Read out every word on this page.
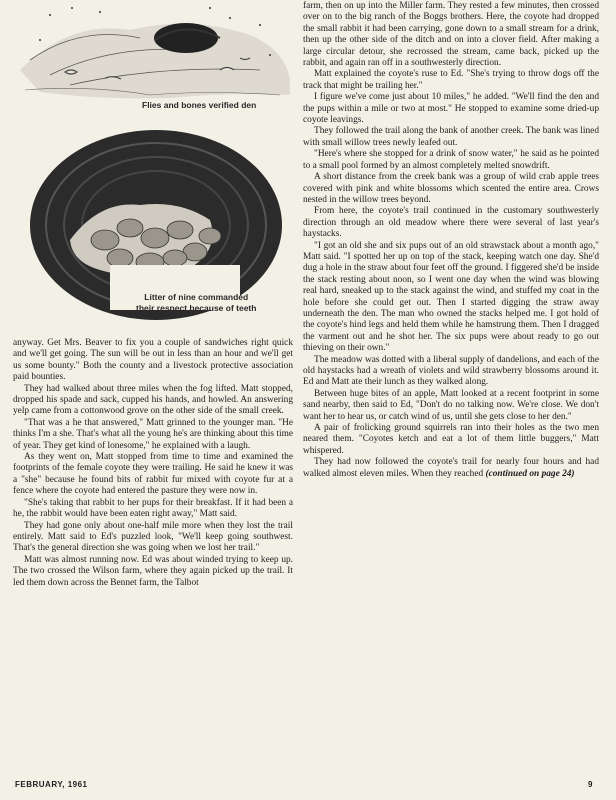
Flies and bones verified den
Litter of nine commanded
their respect because of teeth

anyway. Get Mrs. Beaver to fix you a couple of sandwiches right quick and we'll get going. The sun will be out in less than an hour and we'll get us some bounty." Both the county and a livestock protective association paid bounties.

They had walked about three miles when the fog lifted. Matt stopped, dropped his spade and sack, cupped his hands, and howled. An answering yelp came from a cottonwood grove on the other side of the small creek.

"That was a he that answered," Matt grinned to the younger man. "He thinks I'm a she. That's what all the young he's are thinking about this time of year. They get kind of lonesome," he explained with a laugh.

As they went on, Matt stopped from time to time and examined the footprints of the female coyote they were trailing. He said he knew it was a "she" because he found bits of rabbit fur mixed with coyote fur at a fence where the coyote had entered the pasture they were now in.

"She's taking that rabbit to her pups for their breakfast. If it had been a he, the rabbit would have been eaten right away," Matt said.

They had gone only about one-half mile more when they lost the trail entirely. Matt said to Ed's puzzled look, "We'll keep going southwest. That's the general direction she was going when we lost her trail."

Matt was almost running now. Ed was about winded trying to keep up. The two crossed the Wilson farm, where they again picked up the trail. It led them down across the Bennet farm, the Talbot

farm, then on up into the Miller farm. They rested a few minutes, then crossed over on to the big ranch of the Boggs brothers. Here, the coyote had dropped the small rabbit it had been carrying, gone down to a small stream for a drink, then up the other side of the ditch and on into a clover field. After making a large circular detour, she recrossed the stream, came back, picked up the rabbit, and again ran off in a southwesterly direction.

Matt explained the coyote's ruse to Ed. "She's trying to throw dogs off the track that might be trailing her."

I figure we've come just about 10 miles," he added. "We'll find the den and the pups within a mile or two at most." He stopped to examine some dried-up coyote leavings.

They followed the trail along the bank of another creek. The bank was lined with small willow trees newly leafed out.

"Here's where she stopped for a drink of snow water," he said as he pointed to a small pool formed by an almost completely melted snowdrift.

A short distance from the creek bank was a group of wild crab apple trees covered with pink and white blossoms which scented the entire area. Crows nested in the willow trees beyond.

From here, the coyote's trail continued in the customary southwesterly direction through an old meadow where there were several of last year's haystacks.

"I got an old she and six pups out of an old strawstack about a month ago," Matt said. "I spotted her up on top of the stack, keeping watch one day. She'd dug a hole in the straw about four feet off the ground. I figgered she'd be inside the stack resting about noon, so I went one day when the wind was blowing real hard, sneaked up to the stack against the wind, and stuffed my coat in the hole before she could get out. Then I started digging the straw away underneath the den. The man who owned the stacks helped me. I got hold of the coyote's hind legs and held them while he hamstrung them. Then I dragged the varment out and he shot her. The six pups were about ready to go out thieving on their own."

The meadow was dotted with a liberal supply of dandelions, and each of the old haystacks had a wreath of violets and wild strawberry blossoms around it. Ed and Matt ate their lunch as they walked along.

Between huge bites of an apple, Matt looked at a recent footprint in some sand nearby, then said to Ed, "Don't do no talking now. We're close. We don't want her to hear us, or catch wind of us, until she gets close to her den."

A pair of frolicking ground squirrels ran into their holes as the two men neared them. "Coyotes ketch and eat a lot of them little buggers," Matt whispered.

They had now followed the coyote's trail for nearly four hours and had walked almost eleven miles. When they reached (continued on page 24)

FEBRUARY, 1961	9
